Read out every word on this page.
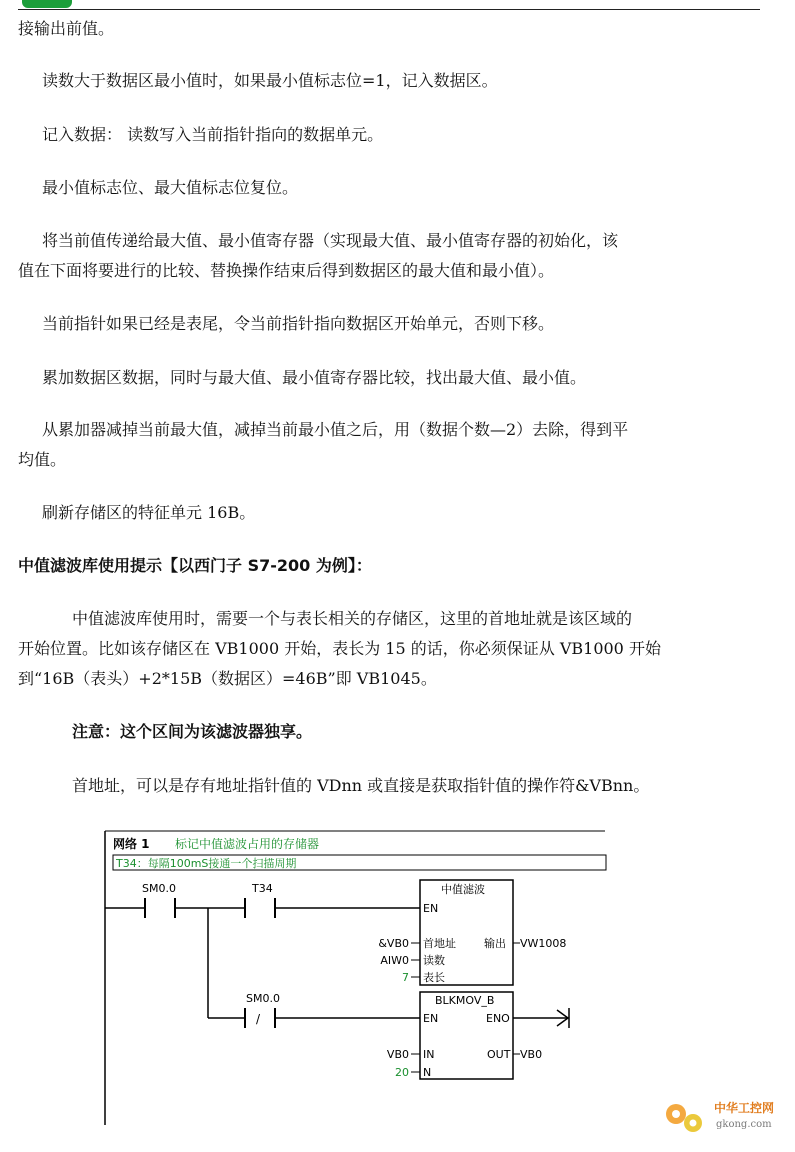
接输出前值。
读数大于数据区最小值时，如果最小值标志位=1，记入数据区。
记入数据： 读数写入当前指针指向的数据单元。
最小值标志位、最大值标志位复位。
将当前值传递给最大值、最小值寄存器（实现最大值、最小值寄存器的初始化，该
值在下面将要进行的比较、替换操作结束后得到数据区的最大值和最小值）。
当前指针如果已经是表尾，令当前指针指向数据区开始单元，否则下移。
累加数据区数据，同时与最大值、最小值寄存器比较，找出最大值、最小值。
从累加器减掉当前最大值，减掉当前最小值之后，用（数据个数—2）去除，得到平
均值。
刷新存储区的特征单元 16B。
中值滤波库使用提示【以西门子 S7-200 为例】：
中值滤波库使用时，需要一个与表长相关的存储区，这里的首地址就是该区域的
开始位置。比如该存储区在 VB1000 开始，表长为 15 的话，你必须保证从 VB1000 开始
到“16B（表头）+2*15B（数据区）=46B”即 VB1045。
注意：这个区间为该滤波器独享。
首地址，可以是存有地址指针值的 VDnn 或直接是获取指针值的操作符&VBnn。
网络 1 标记中值滤波占用的存储器
T34：每隔100mS接通一个扫描周期
SM0.0	T34
/
SM0.0
中值滤波
EN
首地址
读数
表长
输出
&VB0
AIW0
7
VW1008
BLKMOV_B
EN	ENO
IN
N
OUT
VB0
20
VB0
中华工控网
gkong.com
